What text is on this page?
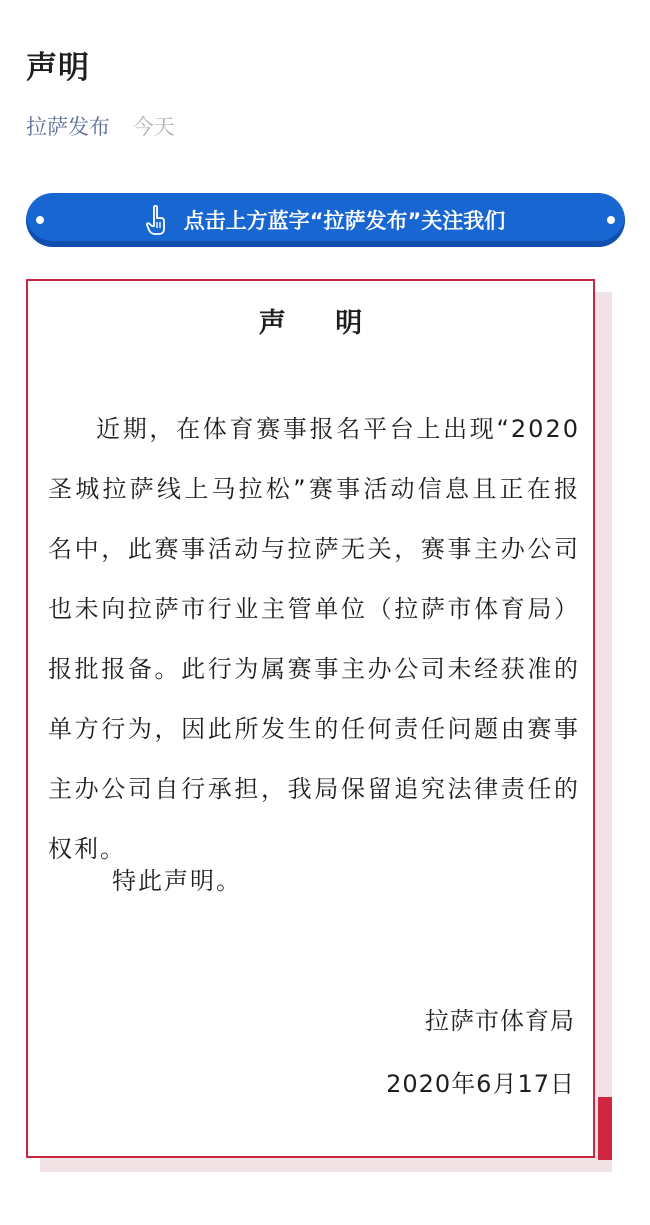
声明
拉萨发布 今天
点击上方蓝字 “拉萨发布” 关注我们
声 明

近期，在体育赛事报名平台上出现“2020圣城拉萨线上马拉松”赛事活动信息且正在报名中，此赛事活动与拉萨无关，赛事主办公司也未向拉萨市行业主管单位（拉萨市体育局）报批报备。此行为属赛事主办公司未经获准的单方行为，因此所发生的任何责任问题由赛事主办公司自行承担，我局保留追究法律责任的权利。

特此声明。
拉萨市体育局
2020年6月17日
